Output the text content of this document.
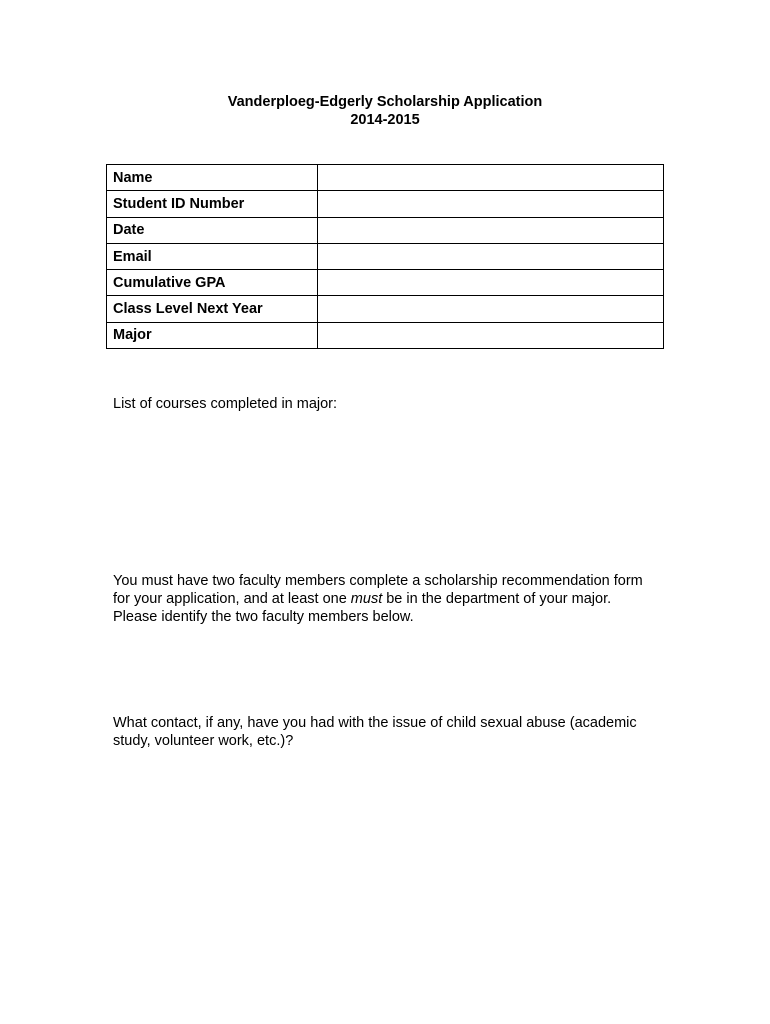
Vanderploeg-Edgerly Scholarship Application
2014-2015
Name	
Student ID Number	
Date	
Email	
Cumulative GPA	
Class Level Next Year	
Major	
List of courses completed in major:
You must have two faculty members complete a scholarship recommendation form
for your application, and at least one must be in the department of your major.
Please identify the two faculty members below.
What contact, if any, have you had with the issue of child sexual abuse (academic
study, volunteer work, etc.)?
